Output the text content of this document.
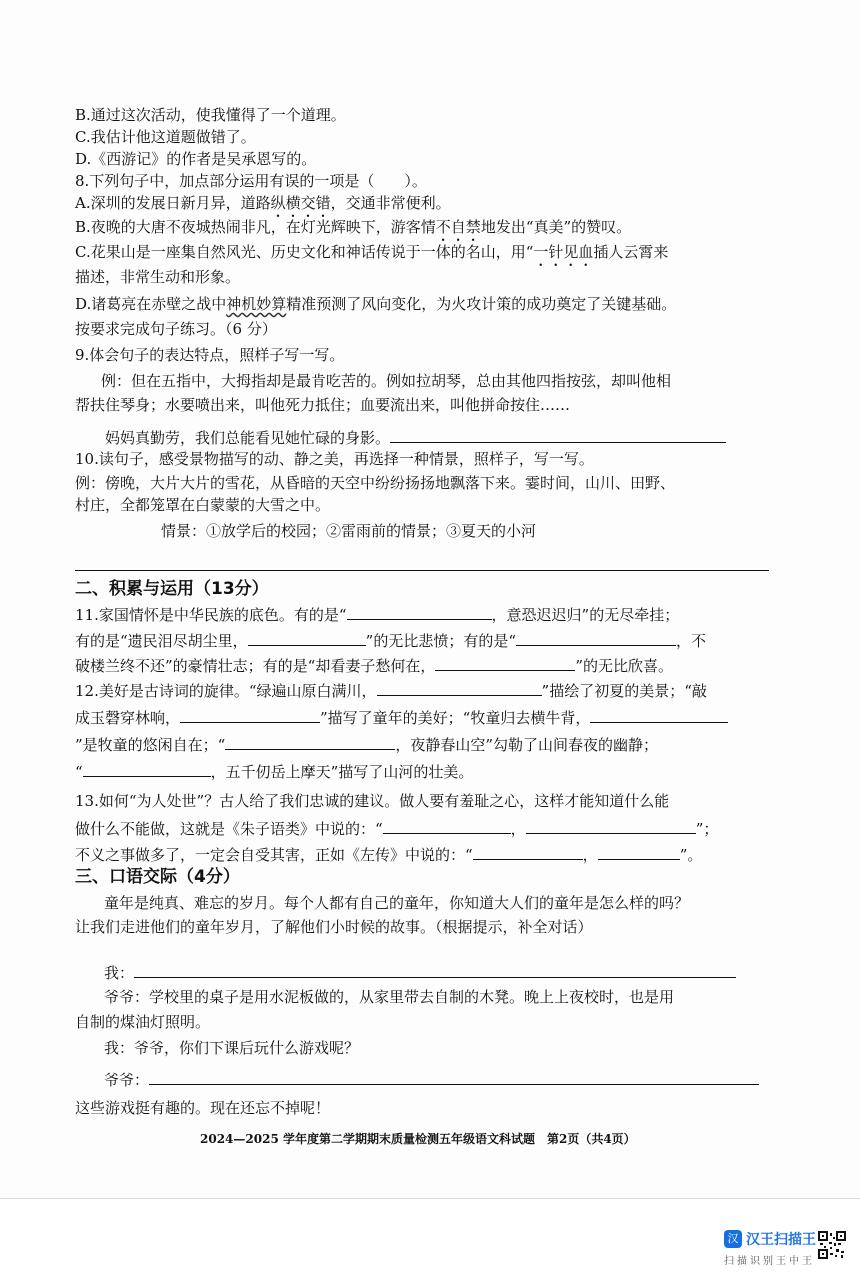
B.通过这次活动，使我懂得了一个道理。
C.我估计他这道题做错了。
D.《西游记》的作者是吴承恩写的。
8.下列句子中，加点部分运用有误的一项是（　　）。
A.深圳的发展日新月异，道路纵横交错，交通非常便利。
B.夜晚的大唐不夜城热闹非凡，在灯光辉映下，游客情不自禁地发出“真美”的赞叹。
C.花果山是一座集自然风光、历史文化和神话传说于一体的名山，用“一针见血插人云霄来
描述，非常生动和形象。
D.诸葛亮在赤壁之战中神机妙算精准预测了风向变化，为火攻计策的成功奠定了关键基础。
按要求完成句子练习。（6 分）
9.体会句子的表达特点，照样子写一写。
例：但在五指中，大拇指却是最肯吃苦的。例如拉胡琴，总由其他四指按弦，却叫他相
帮扶住琴身；水要喷出来，叫他死力抵住；血要流出来，叫他拼命按住……
妈妈真勤劳，我们总能看见她忙碌的身影。
10.读句子，感受景物描写的动、静之美，再选择一种情景，照样子，写一写。
例：傍晚，大片大片的雪花，从昏暗的天空中纷纷扬扬地飘落下来。霎时间，山川、田野、
村庄，全都笼罩在白蒙蒙的大雪之中。
情景：①放学后的校园；②雷雨前的情景；③夏天的小河
二、积累与运用（13分）
11.家国情怀是中华民族的底色。有的是“	，意恐迟迟归”的无尽牵挂；
有的是“遗民泪尽胡尘里，	”的无比悲愤；有的是“	，不
破楼兰终不还”的豪情壮志；有的是“却看妻子愁何在，	”的无比欣喜。
12.美好是古诗词的旋律。“绿遍山原白满川，	”描绘了初夏的美景；“敲
成玉磬穿林响，	”描写了童年的美好；“牧童归去横牛背，
”是牧童的悠闲自在；“	，夜静春山空”勾勒了山间春夜的幽静；
“	，五千仞岳上摩天”描写了山河的壮美。
13.如何“为人处世”？古人给了我们忠诚的建议。做人要有羞耻之心，这样才能知道什么能
做什么不能做，这就是《朱子语类》中说的：“	，	”；
不义之事做多了，一定会自受其害，正如《左传》中说的：“	，	”。
三、口语交际（4分）
童年是纯真、难忘的岁月。每个人都有自己的童年，你知道大人们的童年是怎么样的吗？
让我们走进他们的童年岁月，了解他们小时候的故事。（根据提示，补全对话）
我：
爷爷：学校里的桌子是用水泥板做的，从家里带去自制的木凳。晚上上夜校时，也是用
自制的煤油灯照明。
我：爷爷，你们下课后玩什么游戏呢？
爷爷：
这些游戏挺有趣的。现在还忘不掉呢！
2024—2025 学年度第二学期期末质量检测五年级语文科试题　第2页（共4页）
汉 汉王扫描王
扫描识别王中王
